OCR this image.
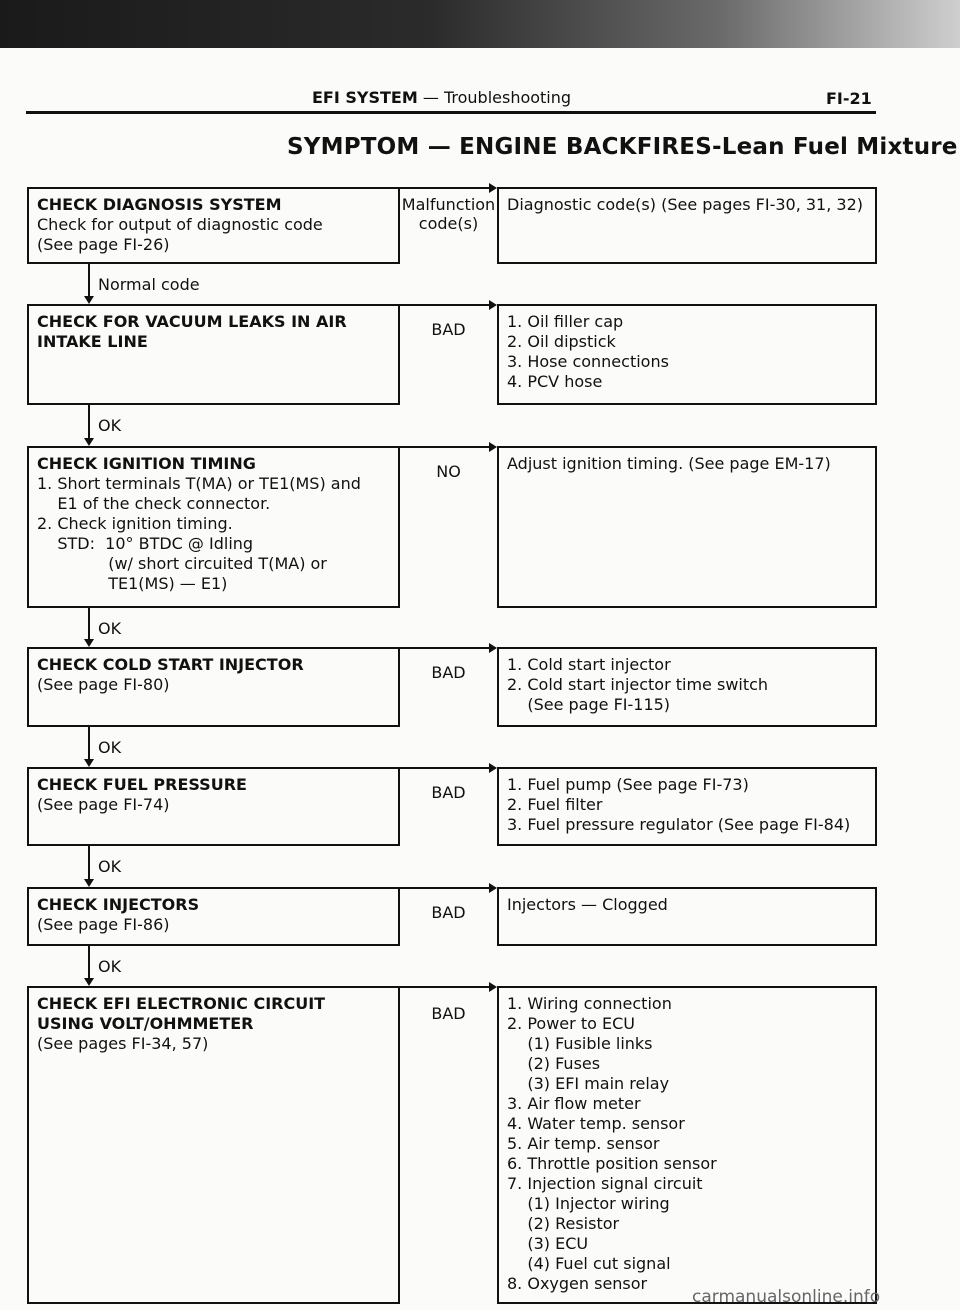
EFI SYSTEM — Troubleshooting	FI-21
SYMPTOM — ENGINE BACKFIRES-Lean Fuel Mixture
CHECK DIAGNOSIS SYSTEM
Check for output of diagnostic code
(See page FI-26)
Malfunction
code(s)
Diagnostic code(s) (See pages FI-30, 31, 32)
Normal code
CHECK FOR VACUUM LEAKS IN AIR
INTAKE LINE
BAD	1. Oil filler cap
2. Oil dipstick
3. Hose connections
4. PCV hose
OK
CHECK IGNITION TIMING
1. Short terminals T(MA) or TE1(MS) and
E1 of the check connector.
2. Check ignition timing.
STD:  10° BTDC @ Idling
(w/ short circuited T(MA) or
TE1(MS) — E1)
NO	Adjust ignition timing. (See page EM-17)
OK
CHECK COLD START INJECTOR
(See page FI-80)
BAD	1. Cold start injector
2. Cold start injector time switch
(See page FI-115)
OK
CHECK FUEL PRESSURE
(See page FI-74)
BAD	1. Fuel pump (See page FI-73)
2. Fuel filter
3. Fuel pressure regulator (See page FI-84)
OK
CHECK INJECTORS
(See page FI-86)
BAD	Injectors — Clogged
OK
CHECK EFI ELECTRONIC CIRCUIT
USING VOLT/OHMMETER
(See pages FI-34, 57)
BAD
1. Wiring connection
2. Power to ECU
(1) Fusible links
(2) Fuses
(3) EFI main relay
3. Air flow meter
4. Water temp. sensor
5. Air temp. sensor
6. Throttle position sensor
7. Injection signal circuit
(1) Injector wiring
(2) Resistor
(3) ECU
(4) Fuel cut signal
8. Oxygen sensor
carmanualsonline.info
